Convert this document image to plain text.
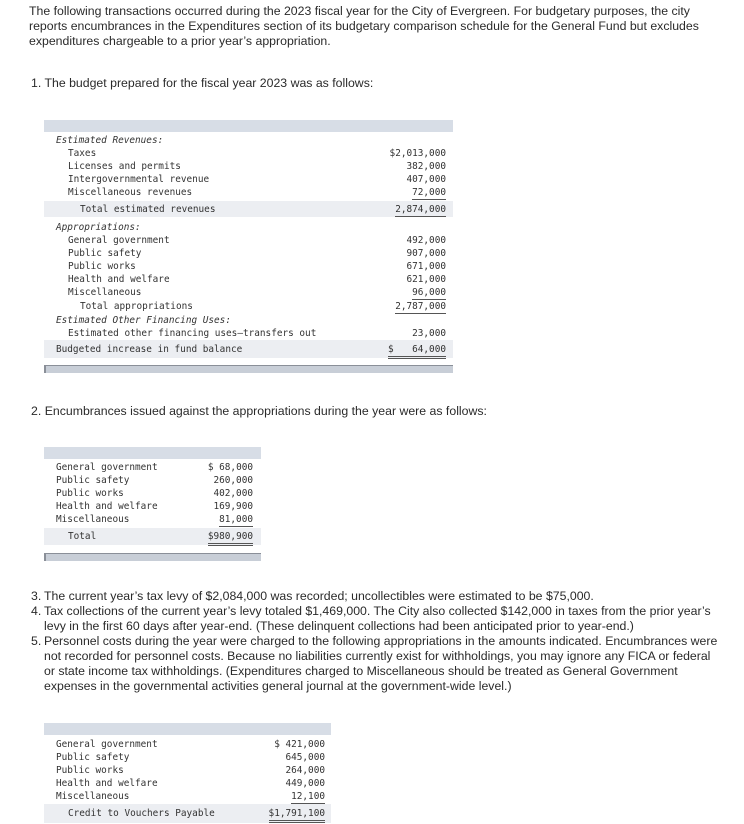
The following transactions occurred during the 2023 fiscal year for the City of Evergreen. For budgetary purposes, the city reports encumbrances in the Expenditures section of its budgetary comparison schedule for the General Fund but excludes expenditures chargeable to a prior year’s appropriation.

1. The budget prepared for the fiscal year 2023 was as follows:
Estimated Revenues:
Taxes	$2,013,000
Licenses and permits	382,000
Intergovernmental revenue	407,000
Miscellaneous revenues	72,000
Total estimated revenues	2,874,000
Appropriations:
General government	492,000
Public safety	907,000
Public works	671,000
Health and welfare	621,000
Miscellaneous	96,000
Total appropriations	2,787,000
Estimated Other Financing Uses:
Estimated other financing uses—transfers out	23,000
Budgeted increase in fund balance	$ 64,000
2. Encumbrances issued against the appropriations during the year were as follows:
General government	$ 68,000
Public safety	260,000
Public works	402,000
Health and welfare	169,900
Miscellaneous	81,000
Total	$980,900
3. The current year’s tax levy of $2,084,000 was recorded; uncollectibles were estimated to be $75,000.
4. Tax collections of the current year’s levy totaled $1,469,000. The City also collected $142,000 in taxes from the prior year’s levy in the first 60 days after year-end. (These delinquent collections had been anticipated prior to year-end.)
5. Personnel costs during the year were charged to the following appropriations in the amounts indicated. Encumbrances were not recorded for personnel costs. Because no liabilities currently exist for withholdings, you may ignore any FICA or federal or state income tax withholdings. (Expenditures charged to Miscellaneous should be treated as General Government expenses in the governmental activities general journal at the government-wide level.)
General government	$ 421,000
Public safety	645,000
Public works	264,000
Health and welfare	449,000
Miscellaneous	12,100
Credit to Vouchers Payable	$1,791,100
